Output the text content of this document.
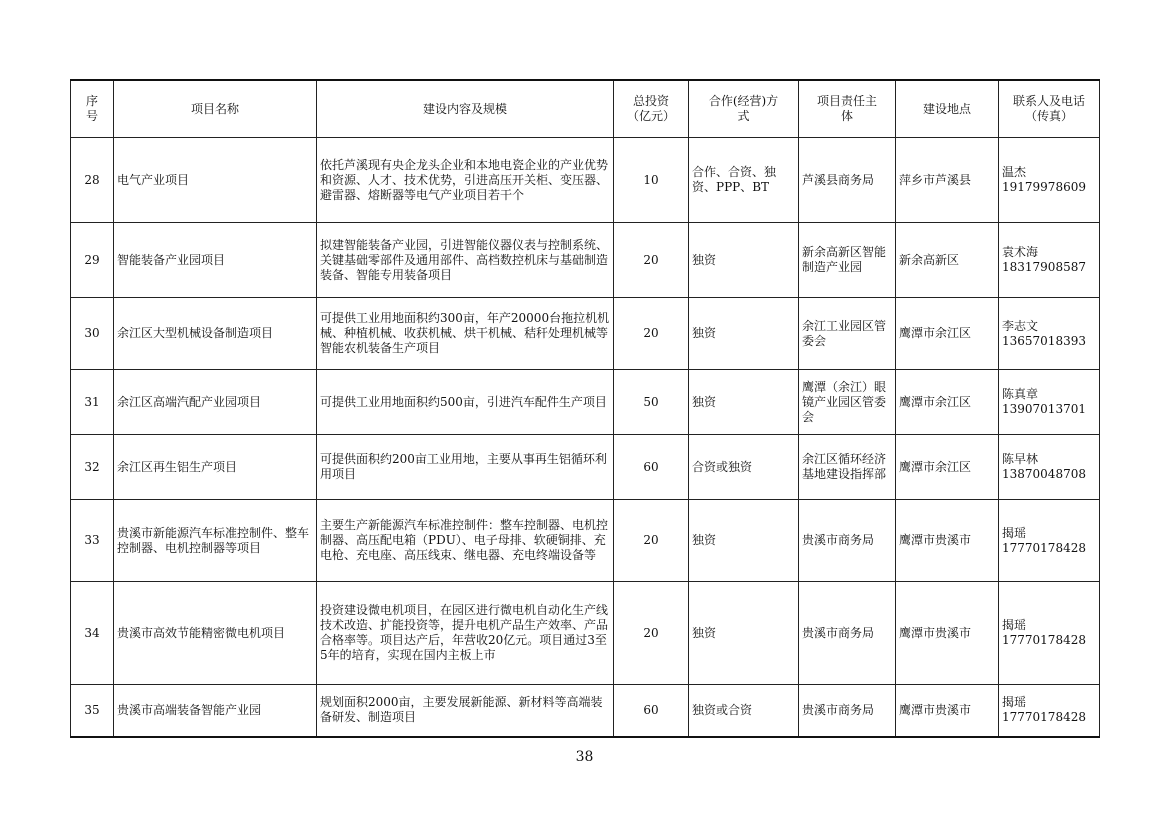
序号	项目名称	建设内容及规模	总投资（亿元）	合作(经营)方式	项目责任主体	建设地点	联系人及电话（传真）
28	电气产业项目	依托芦溪现有央企龙头企业和本地电瓷企业的产业优势和资源、人才、技术优势，引进高压开关柜、变压器、避雷器、熔断器等电气产业项目若干个	10	合作、合资、独资、PPP、BT	芦溪县商务局	萍乡市芦溪县	温杰
19179978609
29	智能装备产业园项目	拟建智能装备产业园，引进智能仪器仪表与控制系统、关键基础零部件及通用部件、高档数控机床与基础制造装备、智能专用装备项目	20	独资	新余高新区智能制造产业园	新余高新区	袁术海
18317908587
30	余江区大型机械设备制造项目	可提供工业用地面积约300亩，年产20000台拖拉机机械、种植机械、收获机械、烘干机械、秸秆处理机械等智能农机装备生产项目	20	独资	余江工业园区管委会	鹰潭市余江区	李志文
13657018393
31	余江区高端汽配产业园项目	可提供工业用地面积约500亩，引进汽车配件生产项目	50	独资	鹰潭（余江）眼镜产业园区管委会	鹰潭市余江区	陈真章
13907013701
32	余江区再生铝生产项目	可提供面积约200亩工业用地，主要从事再生铝循环利用项目	60	合资或独资	余江区循环经济基地建设指挥部	鹰潭市余江区	陈早林
13870048708
33	贵溪市新能源汽车标准控制件、整车控制器、电机控制器等项目	主要生产新能源汽车标准控制件：整车控制器、电机控制器、高压配电箱（PDU）、电子母排、软硬铜排、充电枪、充电座、高压线束、继电器、充电终端设备等	20	独资	贵溪市商务局	鹰潭市贵溪市	揭瑶
17770178428
34	贵溪市高效节能精密微电机项目	投资建设微电机项目，在园区进行微电机自动化生产线技术改造、扩能投资等，提升电机产品生产效率、产品合格率等。项目达产后，年营收20亿元。项目通过3至5年的培育，实现在国内主板上市	20	独资	贵溪市商务局	鹰潭市贵溪市	揭瑶
17770178428
35	贵溪市高端装备智能产业园	规划面积2000亩，主要发展新能源、新材料等高端装备研发、制造项目	60	独资或合资	贵溪市商务局	鹰潭市贵溪市	揭瑶
17770178428
38
